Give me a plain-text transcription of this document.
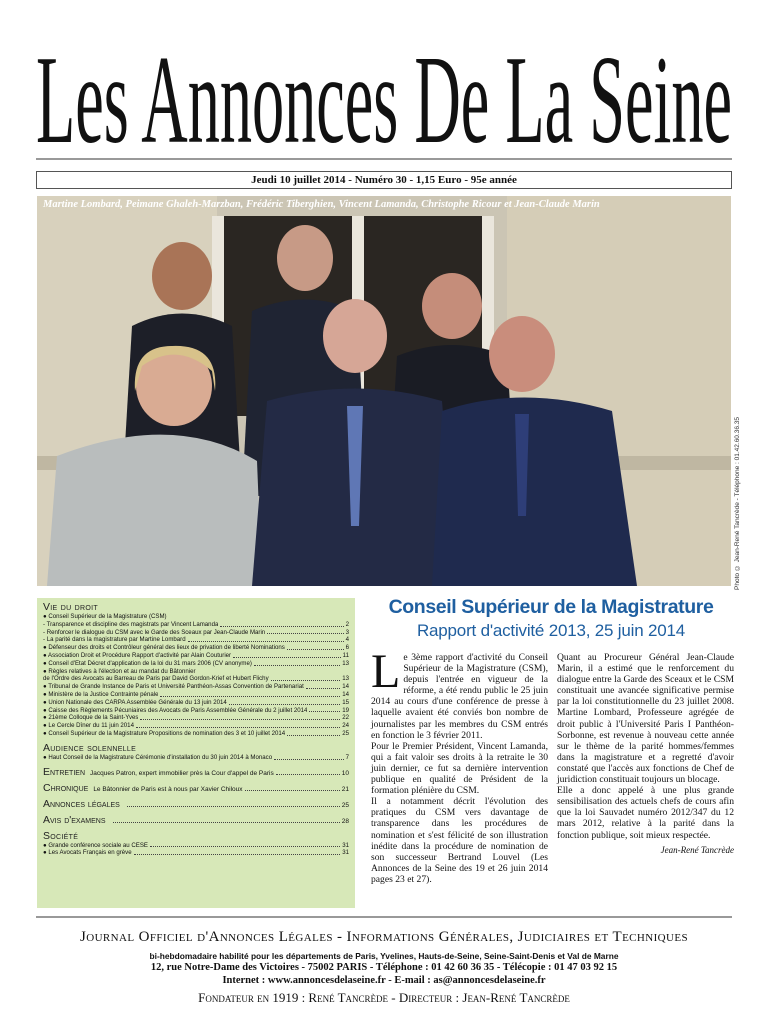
Les Annonces De La Seine
Jeudi 10 juillet 2014 - Numéro 30 - 1,15 Euro - 95e année
Martine Lombard, Peimane Ghaleh-Marzban, Frédéric Tiberghien, Vincent Lamanda, Christophe Ricour et Jean-Claude Marin
Photo © Jean-René Tancrède - Téléphone : 01.42.60.36.35
Vie du droit
● Conseil Supérieur de la Magistrature (CSM)
- Transparence et discipline des magistrats par Vincent Lamanda	2
- Renforcer le dialogue du CSM avec le Garde des Sceaux par Jean-Claude Marin	3
- La parité dans la magistrature par Martine Lombard	4
● Défenseur des droits et Contrôleur général des lieux de privation de liberté Nominations	6
● Association Droit et Procédure Rapport d'activité par Alain Couturier	11
● Conseil d'Etat Décret d'application de la loi du 31 mars 2006 (CV anonyme)	13
● Règles relatives à l'élection et au mandat du Bâtonnier
de l'Ordre des Avocats au Barreau de Paris par David Gordon-Krief et Hubert Flichy	13
● Tribunal de Grande Instance de Paris et Université Panthéon-Assas Convention de Partenariat	14
● Ministère de la Justice Contrainte pénale	14
● Union Nationale des CARPA Assemblée Générale du 13 juin 2014	15
● Caisse des Règlements Pécuniaires des Avocats de Paris Assemblée Générale du 2 juillet 2014	19
● 21ème Colloque de la Saint-Yves	22
● Le Cercle Dîner du 11 juin 2014	24
● Conseil Supérieur de la Magistrature Propositions de nomination des 3 et 10 juillet 2014	25
Audience solennelle
● Haut Conseil de la Magistrature Cérémonie d'installation du 30 juin 2014 à Monaco	7
Entretien Jacques Patron, expert immobilier près la Cour d'appel de Paris	10
Chronique Le Bâtonnier de Paris est à nous par Xavier Chiloux	21
Annonces légales	25
Avis d'examens	28
Société
● Grande conférence sociale au CESE	31
● Les Avocats Français en grève	31
Conseil Supérieur de la Magistrature
Rapport d'activité 2013, 25 juin 2014

L e 3ème rapport d'activité du Conseil Supérieur de la Magistrature (CSM), depuis l'entrée en vigueur de la réforme, a été rendu public le 25 juin 2014 au cours d'une conférence de presse à laquelle avaient été conviés bon nombre de journalistes par les membres du CSM entrés en fonction le 3 février 2011.

Pour le Premier Président, Vincent Lamanda, qui a fait valoir ses droits à la retraite le 30 juin dernier, ce fut sa dernière intervention publique en qualité de Président de la formation plénière du CSM.

Il a notamment décrit l'évolution des pratiques du CSM vers davantage de transparence dans les procédures de nomination et s'est félicité de son illustration inédite dans la procédure de nomination de son successeur Bertrand Louvel (Les Annonces de la Seine des 19 et 26 juin 2014 pages 23 et 27).

Quant au Procureur Général Jean-Claude Marin, il a estimé que le renforcement du dialogue entre la Garde des Sceaux et le CSM constituait une avancée significative permise par la loi constitutionnelle du 23 juillet 2008. Martine Lombard, Professeure agrégée de droit public à l'Université Paris I Panthéon-Sorbonne, est revenue à nouveau cette année sur le thème de la parité hommes/femmes dans la magistrature et a regretté d'avoir constaté que l'accès aux fonctions de Chef de juridiction constituait toujours un blocage.

Elle a donc appelé à une plus grande sensibilisation des actuels chefs de cours afin que la loi Sauvadet numéro 2012/347 du 12 mars 2012, relative à la parité dans la fonction publique, soit mieux respectée.

Jean-René Tancrède
Journal Officiel d'Annonces Légales - Informations Générales, Judiciaires et Techniques
bi-hebdomadaire habilité pour les départements de Paris, Yvelines, Hauts-de-Seine, Seine-Saint-Denis et Val de Marne
12, rue Notre-Dame des Victoires - 75002 PARIS - Téléphone : 01 42 60 36 35 - Télécopie : 01 47 03 92 15
Internet : www.annoncesdelaseine.fr - E-mail : as@annoncesdelaseine.fr
Fondateur en 1919 : René Tancrède - Directeur : Jean-René Tancrède
